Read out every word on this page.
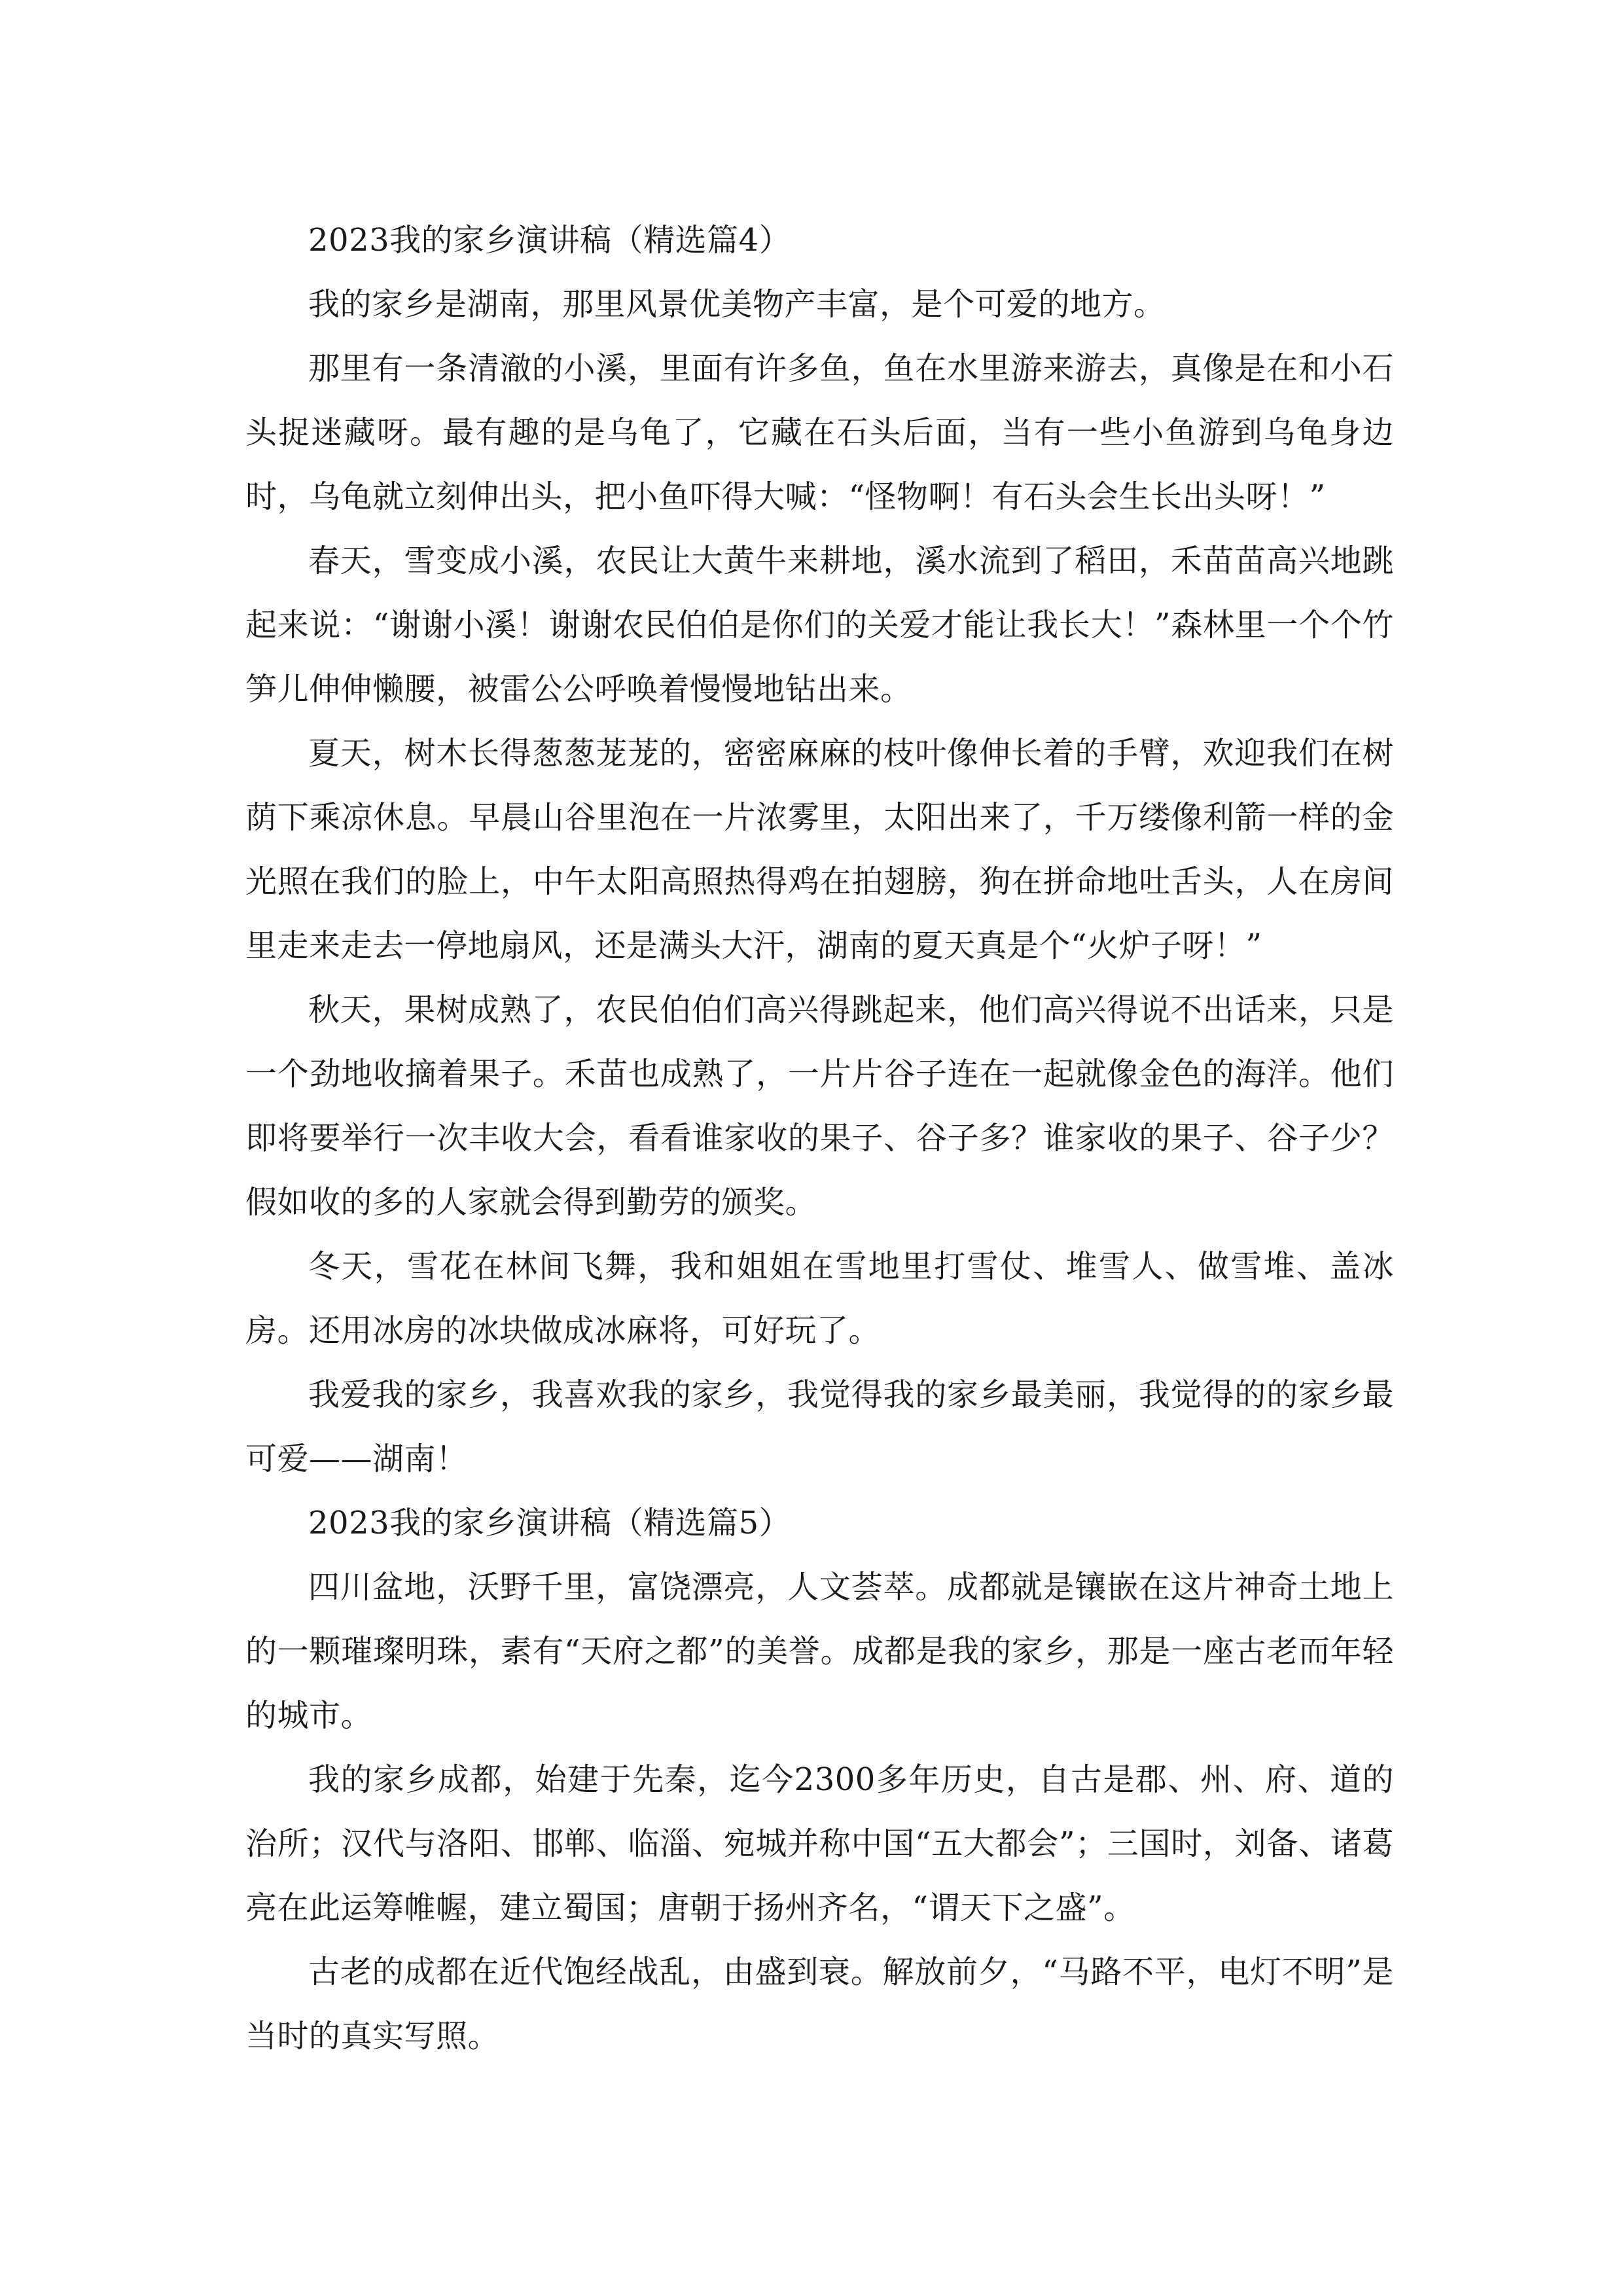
2023我的家乡演讲稿（精选篇4）

我的家乡是湖南，那里风景优美物产丰富，是个可爱的地方。

那里有一条清澈的小溪，里面有许多鱼，鱼在水里游来游去，真像是在和小石头捉迷藏呀。最有趣的是乌龟了，它藏在石头后面，当有一些小鱼游到乌龟身边时，乌龟就立刻伸出头，把小鱼吓得大喊：“怪物啊！有石头会生长出头呀！”

春天，雪变成小溪，农民让大黄牛来耕地，溪水流到了稻田，禾苗苗高兴地跳起来说：“谢谢小溪！谢谢农民伯伯是你们的关爱才能让我长大！”森林里一个个竹笋儿伸伸懒腰，被雷公公呼唤着慢慢地钻出来。

夏天，树木长得葱葱茏茏的，密密麻麻的枝叶像伸长着的手臂，欢迎我们在树荫下乘凉休息。早晨山谷里泡在一片浓雾里，太阳出来了，千万缕像利箭一样的金光照在我们的脸上，中午太阳高照热得鸡在拍翅膀，狗在拼命地吐舌头，人在房间里走来走去一停地扇风，还是满头大汗，湖南的夏天真是个“火炉子呀！”

秋天，果树成熟了，农民伯伯们高兴得跳起来，他们高兴得说不出话来，只是一个劲地收摘着果子。禾苗也成熟了，一片片谷子连在一起就像金色的海洋。他们即将要举行一次丰收大会，看看谁家收的果子、谷子多？谁家收的果子、谷子少？假如收的多的人家就会得到勤劳的颁奖。

冬天，雪花在林间飞舞，我和姐姐在雪地里打雪仗、堆雪人、做雪堆、盖冰房。还用冰房的冰块做成冰麻将，可好玩了。

我爱我的家乡，我喜欢我的家乡，我觉得我的家乡最美丽，我觉得的的家乡最可爱——湖南！

2023我的家乡演讲稿（精选篇5）

四川盆地，沃野千里，富饶漂亮，人文荟萃。成都就是镶嵌在这片神奇土地上的一颗璀璨明珠，素有“天府之都”的美誉。成都是我的家乡，那是一座古老而年轻的城市。

我的家乡成都，始建于先秦，迄今2300多年历史，自古是郡、州、府、道的治所；汉代与洛阳、邯郸、临淄、宛城并称中国“五大都会”；三国时，刘备、诸葛亮在此运筹帷幄，建立蜀国；唐朝于扬州齐名，“谓天下之盛”。

古老的成都在近代饱经战乱，由盛到衰。解放前夕，“马路不平，电灯不明”是当时的真实写照。
